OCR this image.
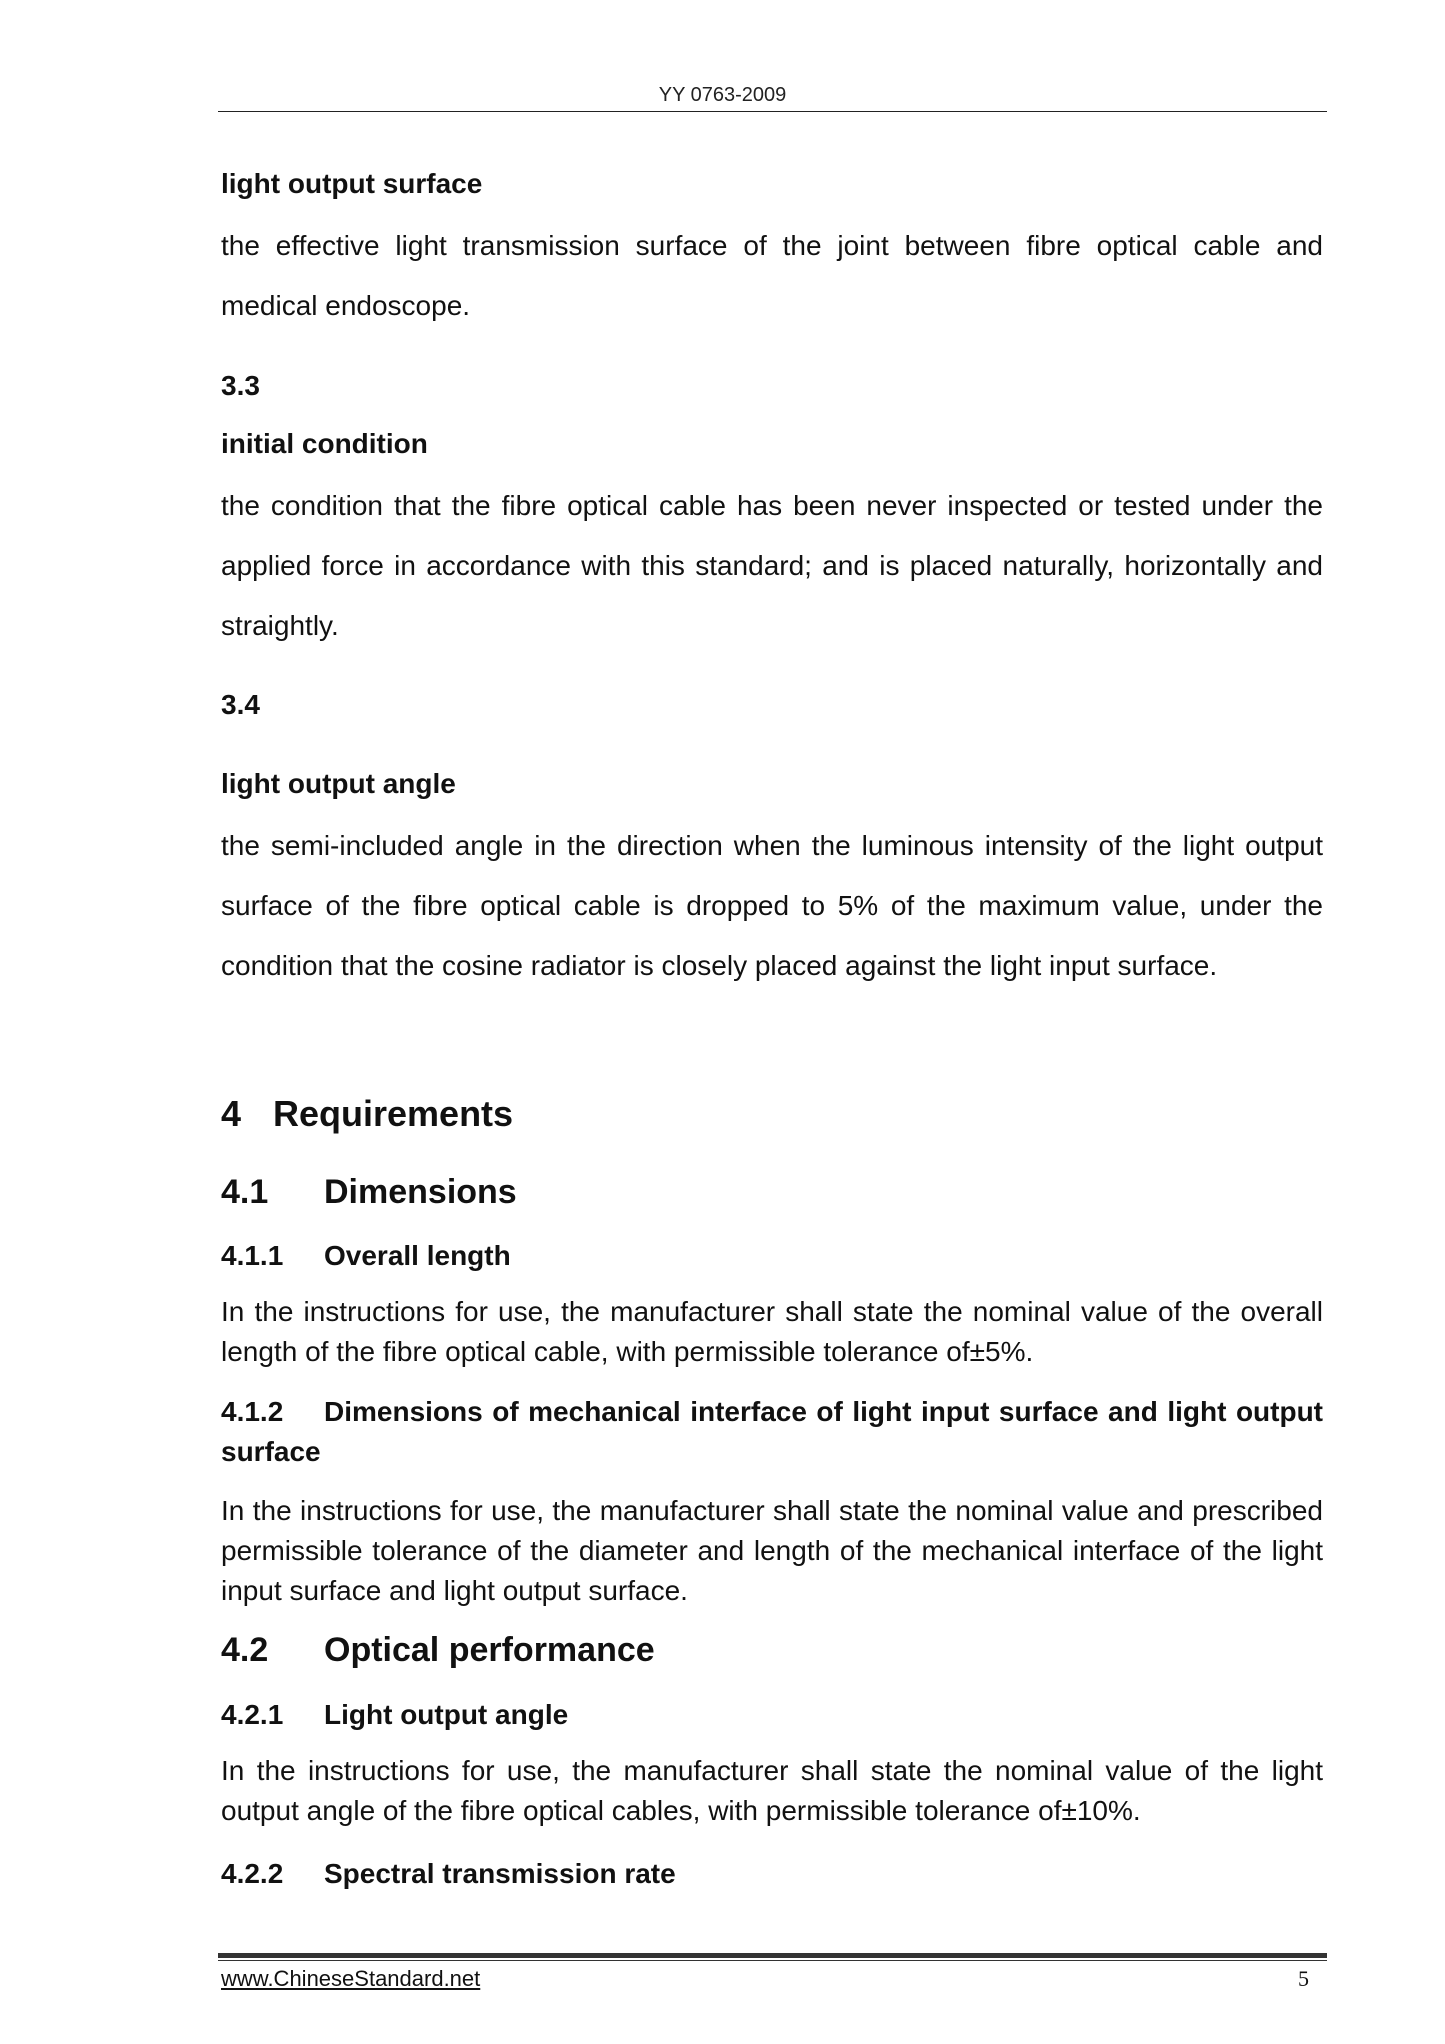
YY 0763-2009
light output surface

the effective light transmission surface of the joint between fibre optical cable and medical endoscope.

3.3
initial condition

the condition that the fibre optical cable has been never inspected or tested under the applied force in accordance with this standard; and is placed naturally, horizontally and straightly.

3.4
light output angle

the semi-included angle in the direction when the luminous intensity of the light output surface of the fibre optical cable is dropped to 5% of the maximum value, under the condition that the cosine radiator is closely placed against the light input surface.

4 Requirements
4.1 Dimensions
4.1.1 Overall length

In the instructions for use, the manufacturer shall state the nominal value of the overall length of the fibre optical cable, with permissible tolerance of±5%.

4.1.2 Dimensions of mechanical interface of light input surface and light output surface

In the instructions for use, the manufacturer shall state the nominal value and prescribed permissible tolerance of the diameter and length of the mechanical interface of the light input surface and light output surface.

4.2 Optical performance
4.2.1 Light output angle

In the instructions for use, the manufacturer shall state the nominal value of the light output angle of the fibre optical cables, with permissible tolerance of±10%.

4.2.2 Spectral transmission rate
www.ChineseStandard.net	5
